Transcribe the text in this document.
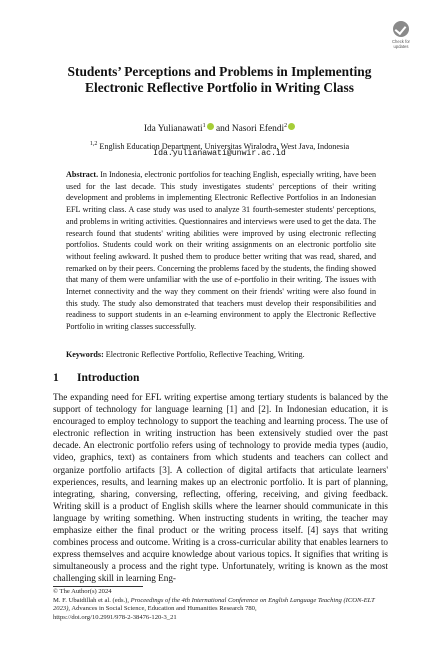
Check for updates
Students’ Perceptions and Problems in Implementing
Electronic Reflective Portfolio in Writing Class
Ida Yulianawati$^1$ and Nasori Efendi$^2$
$^{1,2}$ English Education Department, Universitas Wiralodra, West Java, Indonesia
Ida.yulianawati@unwir.ac.id
Abstract. In Indonesia, electronic portfolios for teaching English, especially writing, have been used for the last decade. This study investigates students' perceptions of their writing development and problems in implementing Electronic Reflective Portfolios in an Indonesian EFL writing class. A case study was used to analyze 31 fourth-semester students' perceptions, and problems in writing activities. Questionnaires and interviews were used to get the data. The research found that students' writing abilities were improved by using electronic reflecting portfolios. Students could work on their writing assignments on an electronic portfolio site without feeling awkward. It pushed them to produce better writing that was read, shared, and remarked on by their peers. Concerning the problems faced by the students, the finding showed that many of them were unfamiliar with the use of e-portfolio in their writing. The issues with Internet connectivity and the way they comment on their friends' writing were also found in this study. The study also demonstrated that teachers must develop their responsibilities and readiness to support students in an e-learning environment to apply the Electronic Reflective Portfolio in writing classes successfully.
Keywords: Electronic Reflective Portfolio, Reflective Teaching, Writing.
1 Introduction
The expanding need for EFL writing expertise among tertiary students is balanced by the support of technology for language learning [1] and [2]. In Indonesian education, it is encouraged to employ technology to support the teaching and learning process. The use of electronic reflection in writing instruction has been extensively studied over the past decade. An electronic portfolio refers using of technology to provide media types (audio, video, graphics, text) as containers from which students and teachers can collect and organize portfolio artifacts [3]. A collection of digital artifacts that articulate learners' experiences, results, and learning makes up an electronic portfolio. It is part of planning, integrating, sharing, conversing, reflecting, offering, receiving, and giving feedback. Writing skill is a product of English skills where the learner should communicate in this language by writing something. When instructing students in writing, the teacher may emphasize either the final product or the writing process itself. [4] says that writing combines process and outcome. Writing is a cross-curricular ability that enables learners to express themselves and acquire knowledge about various topics. It signifies that writing is simultaneously a process and the right type. Unfortunately, writing is known as the most challenging skill in learning Eng-
© The Author(s) 2024
M. F. Ubaidillah et al. (eds.), Proceedings of the 4th International Conference on English Language Teaching (ICON-ELT 2023), Advances in Social Science, Education and Humanities Research 780,
https://doi.org/10.2991/978-2-38476-120-3_21
